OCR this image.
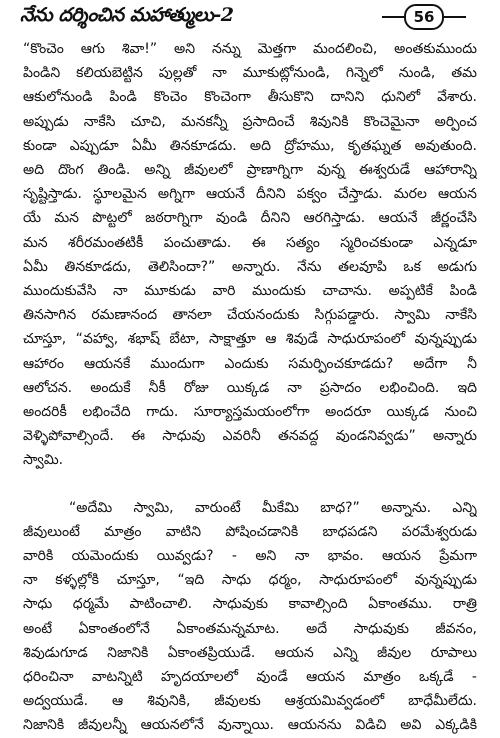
నేను దర్శించిన మహాత్ములు-2	56
“కొంచెం ఆగు శివా!” అని నన్ను మెత్తగా మందలించి, అంతకుముందు
పిండిని కలియబెట్టిన పుల్లతో నా మూకుట్లోనుండి, గిన్నెలో నుండి, తమ
ఆకులోనుండి పిండి కొంచెం కొంచెంగా తీసుకొని దానిని ధునిలో వేశారు.
అప్పుడు నాకేసి చూచి, మనకన్నీ ప్రసాదించే శివునికి కొంచెమైనా అర్పించ
కుండా ఎప్పుడూ ఏమీ తినకూడదు. అది ద్రోహము, కృతఘ్నత అవుతుంది.
అది దొంగ తిండి. అన్ని జీవులలో ప్రాణాగ్నిగా వున్న ఈశ్వరుడే ఆహారాన్ని
సృష్టిస్తాడు. స్థూలమైన అగ్నిగా ఆయనే దీనిని పక్వం చేస్తాడు. మరల ఆయన
యే మన పొట్టలో జఠరాగ్నిగా వుండి దీనిని ఆరగిస్తాడు. ఆయనే జీర్ణంచేసి
మన శరీరమంతటికీ పంచుతాడు. ఈ సత్యం స్మరించకుండా ఎన్నడూ
ఏమీ తినకూడదు, తెలిసిందా?” అన్నారు. నేను తలవూపి ఒక అడుగు
ముందుకువేసి నా మూకుడు వారి ముందుకు చాచాను. అప్పటికే పిండి
తినసాగిన రమణానంద తానలా చేయనందుకు సిగ్గుపడ్డారు. స్వామి నాకేసి
చూస్తూ, “వహ్వా, శభాష్ బేటా, సాక్షాత్తూ ఆ శివుడే సాధురూపంలో వున్నప్పుడు
ఆహారం ఆయనకే ముందుగా ఎందుకు సమర్పించకూడదు? అదేగా నీ
ఆలోచన. అందుకే నీకీ రోజు యిక్కడ నా ప్రసాదం లభించింది. ఇది
అందరికీ లభించేది గాదు. సూర్యాస్తమయంలోగా అందరూ యిక్కడ నుంచి
వెళ్ళిపోవాల్సిందే. ఈ సాధువు ఎవరినీ తనవద్ద వుండనివ్వడు” అన్నారు
స్వామి.
“అదేమి స్వామి, వారుంటే మీకేమి బాధ?” అన్నాను. ఎన్ని
జీవులుంటే మాత్రం వాటిని పోషించడానికి బాధపడని పరమేశ్వరుడు
వారికి యమెందుకు యివ్వడు? - అని నా భావం. ఆయన ప్రేమగా
నా కళ్ళల్లోకి చూస్తూ, “ఇది సాధు ధర్మం, సాధురూపంలో వున్నప్పుడు
సాధు ధర్మమే పాటించాలి. సాధువుకు కావాల్సింది ఏకాంతము. రాత్రి
అంటే ఏకాంతంలోనే ఏకాంతమన్నమాట. అదే సాధువుకు జీవనం,
శివుడుగూడ నిజానికి ఏకాంతప్రియుడే. ఆయన ఎన్ని జీవుల రూపాలు
ధరించినా వాటన్నిటి హృదయాలలో వుండే ఆయన మాత్రం ఒక్కడే -
అద్వయుడే. ఆ శివునికి, జీవులకు ఆశ్రయమివ్వడంలో బాధేమీలేదు.
నిజానికి జీవులన్నీ ఆయనలోనే వున్నాయి. ఆయనను విడిచి అవి ఎక్కడికి
